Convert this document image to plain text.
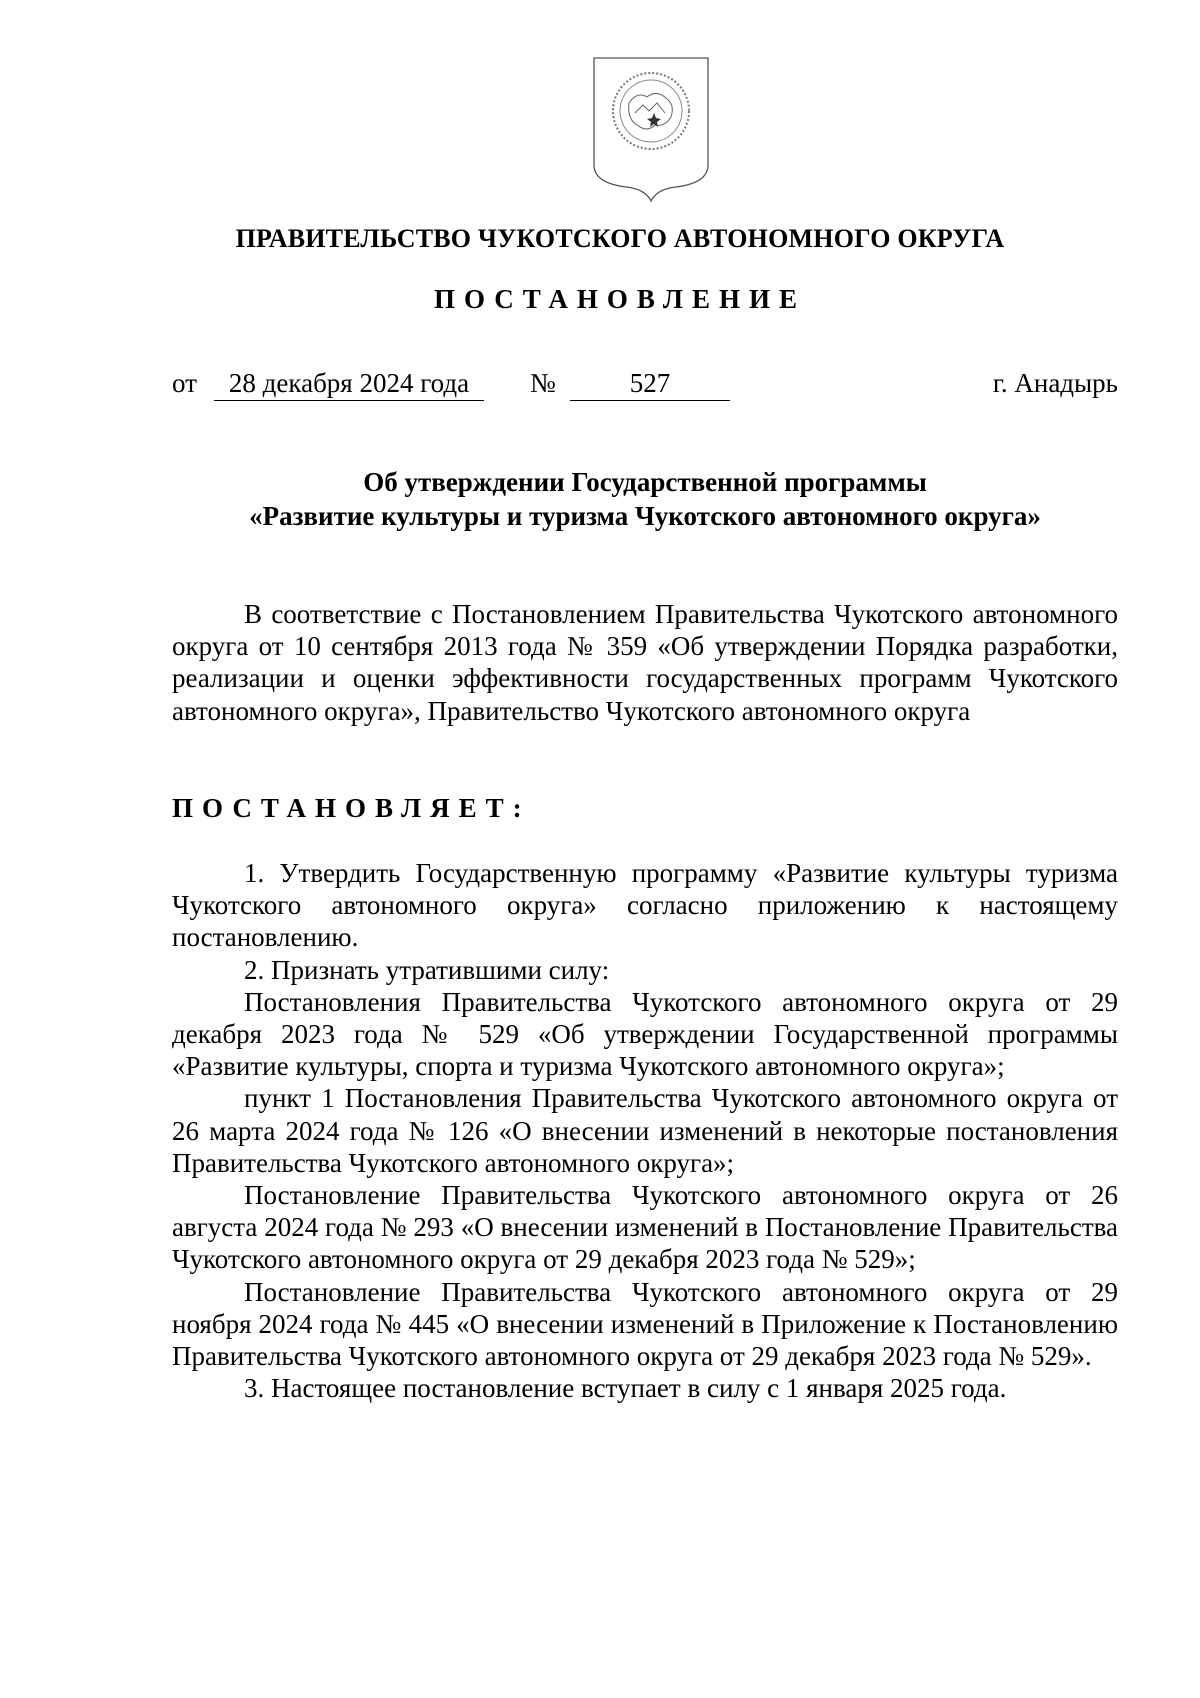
ПРАВИТЕЛЬСТВО ЧУКОТСКОГО АВТОНОМНОГО ОКРУГА
ПОСТАНОВЛЕНИЕ
от	28 декабря 2024 года	№	527	г. Анадырь
Об утверждении Государственной программы
«Развитие культуры и туризма Чукотского автономного округа»

В соответствие с Постановлением Правительства Чукотского автономного округа от 10 сентября 2013 года № 359 «Об утверждении Порядка разработки, реализации и оценки эффективности государственных программ Чукотского автономного округа», Правительство Чукотского автономного округа

ПОСТАНОВЛЯЕТ:

1. Утвердить Государственную программу «Развитие культуры туризма Чукотского автономного округа» согласно приложению к настоящему постановлению.

2. Признать утратившими силу:

Постановления Правительства Чукотского автономного округа от 29 декабря 2023 года № 529 «Об утверждении Государственной программы «Развитие культуры, спорта и туризма Чукотского автономного округа»;

пункт 1 Постановления Правительства Чукотского автономного округа от 26 марта 2024 года № 126 «О внесении изменений в некоторые постановления Правительства Чукотского автономного округа»;

Постановление Правительства Чукотского автономного округа от 26 августа 2024 года № 293 «О внесении изменений в Постановление Правительства Чукотского автономного округа от 29 декабря 2023 года № 529»;

Постановление Правительства Чукотского автономного округа от 29 ноября 2024 года № 445 «О внесении изменений в Приложение к Постановлению Правительства Чукотского автономного округа от 29 декабря 2023 года № 529».

3. Настоящее постановление вступает в силу с 1 января 2025 года.
